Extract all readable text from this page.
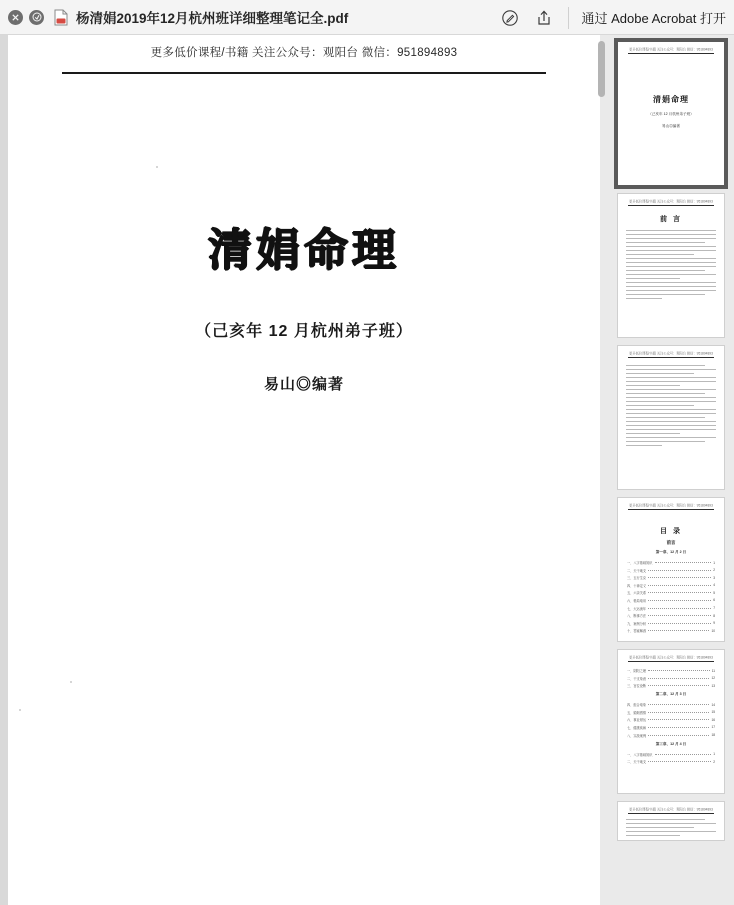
杨清娟2019年12月杭州班详细整理笔记全.pdf	通过 Adobe Acrobat 打开
更多低价课程/书籍 关注公众号：观阳台 微信：951894893
清娟命理
（己亥年 12 月杭州弟子班）
易山◎编著
更多低价课程/书籍 关注公众号：观阳台 微信：951894893
清娟命理
（己亥年 12 月杭州弟子班）
易山◎编著
更多低价课程/书籍 关注公众号：观阳台 微信：951894893
前 言
更多低价课程/书籍 关注公众号：观阳台 微信：951894893
更多低价课程/书籍 关注公众号：观阳台 微信：951894893
目 录
前言
第一章、12 月 2 日
一、八字基础知识	1
二、天干地支	2
三、五行生克	3
四、十神定义	4
五、六亲关系	5
六、格局取用	6
七、大运流年	7
八、断事方法	8
九、案例分析	9
十、答疑解惑	10
更多低价课程/书籍 关注公众号：观阳台 微信：951894893
一、阴阳之理	11
二、干支象意	12
三、宫位论断	13
第二章、12 月 3 日
四、组合取象	14
五、婚姻感情	15
六、事业财运	16
七、健康疾病	17
八、实战案例	18
第三章、12 月 4 日
一、八字基础知识	1
二、天干地支	2
更多低价课程/书籍 关注公众号：观阳台 微信：951894893
